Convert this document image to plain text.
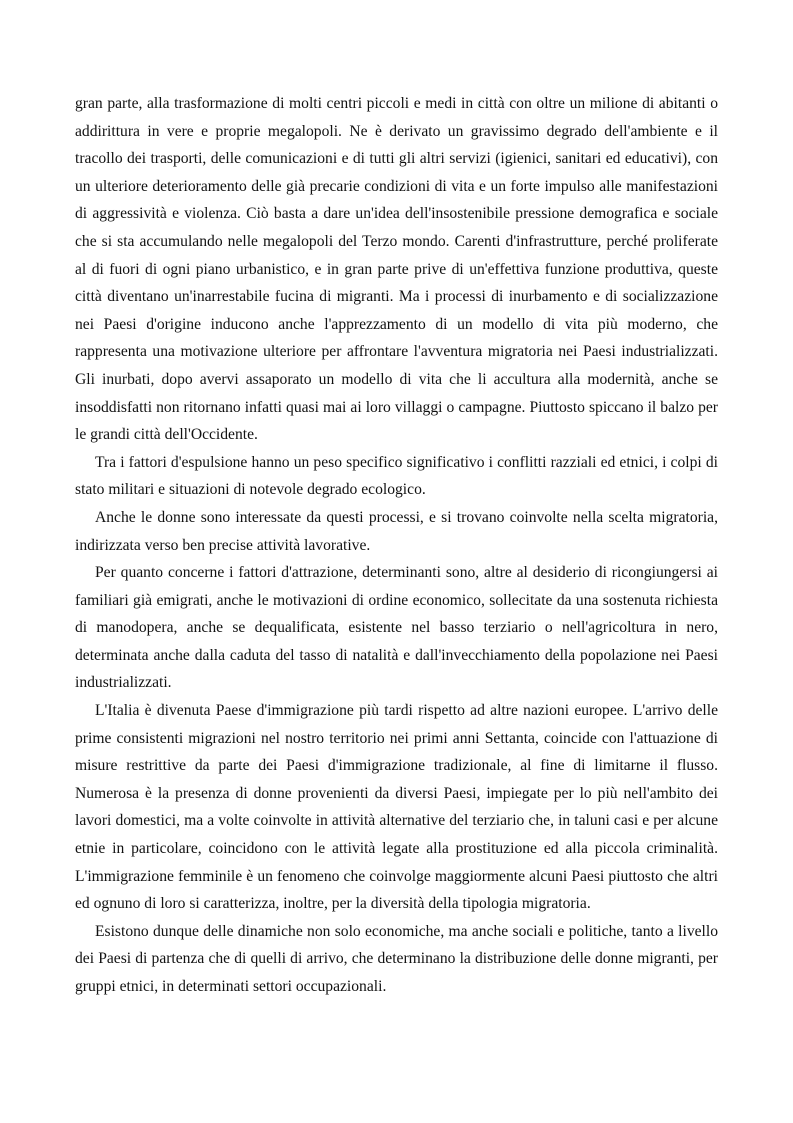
gran parte, alla trasformazione di molti centri piccoli e medi in città con oltre un milione di abitanti o addirittura in vere e proprie megalopoli. Ne è derivato un gravissimo degrado dell'ambiente e il tracollo dei trasporti, delle comunicazioni e di tutti gli altri servizi (igienici, sanitari ed educativi), con un ulteriore deterioramento delle già precarie condizioni di vita e un forte impulso alle manifestazioni di aggressività e violenza. Ciò basta a dare un'idea dell'insostenibile pressione demografica e sociale che si sta accumulando nelle megalopoli del Terzo mondo. Carenti d'infrastrutture, perché proliferate al di fuori di ogni piano urbanistico, e in gran parte prive di un'effettiva funzione produttiva, queste città diventano un'inarrestabile fucina di migranti. Ma i processi di inurbamento e di socializzazione nei Paesi d'origine inducono anche l'apprezzamento di un modello di vita più moderno, che rappresenta una motivazione ulteriore per affrontare l'avventura migratoria nei Paesi industrializzati. Gli inurbati, dopo avervi assaporato un modello di vita che li accultura alla modernità, anche se insoddisfatti non ritornano infatti quasi mai ai loro villaggi o campagne. Piuttosto spiccano il balzo per le grandi città dell'Occidente.

Tra i fattori d'espulsione hanno un peso specifico significativo i conflitti razziali ed etnici, i colpi di stato militari e situazioni di notevole degrado ecologico.

Anche le donne sono interessate da questi processi, e si trovano coinvolte nella scelta migratoria, indirizzata verso ben precise attività lavorative.

Per quanto concerne i fattori d'attrazione, determinanti sono, altre al desiderio di ricongiungersi ai familiari già emigrati, anche le motivazioni di ordine economico, sollecitate da una sostenuta richiesta di manodopera, anche se dequalificata, esistente nel basso terziario o nell'agricoltura in nero, determinata anche dalla caduta del tasso di natalità e dall'invecchiamento della popolazione nei Paesi industrializzati.

L'Italia è divenuta Paese d'immigrazione più tardi rispetto ad altre nazioni europee. L'arrivo delle prime consistenti migrazioni nel nostro territorio nei primi anni Settanta, coincide con l'attuazione di misure restrittive da parte dei Paesi d'immigrazione tradizionale, al fine di limitarne il flusso. Numerosa è la presenza di donne provenienti da diversi Paesi, impiegate per lo più nell'ambito dei lavori domestici, ma a volte coinvolte in attività alternative del terziario che, in taluni casi e per alcune etnie in particolare, coincidono con le attività legate alla prostituzione ed alla piccola criminalità. L'immigrazione femminile è un fenomeno che coinvolge maggiormente alcuni Paesi piuttosto che altri ed ognuno di loro si caratterizza, inoltre, per la diversità della tipologia migratoria.

Esistono dunque delle dinamiche non solo economiche, ma anche sociali e politiche, tanto a livello dei Paesi di partenza che di quelli di arrivo, che determinano la distribuzione delle donne migranti, per gruppi etnici, in determinati settori occupazionali.
